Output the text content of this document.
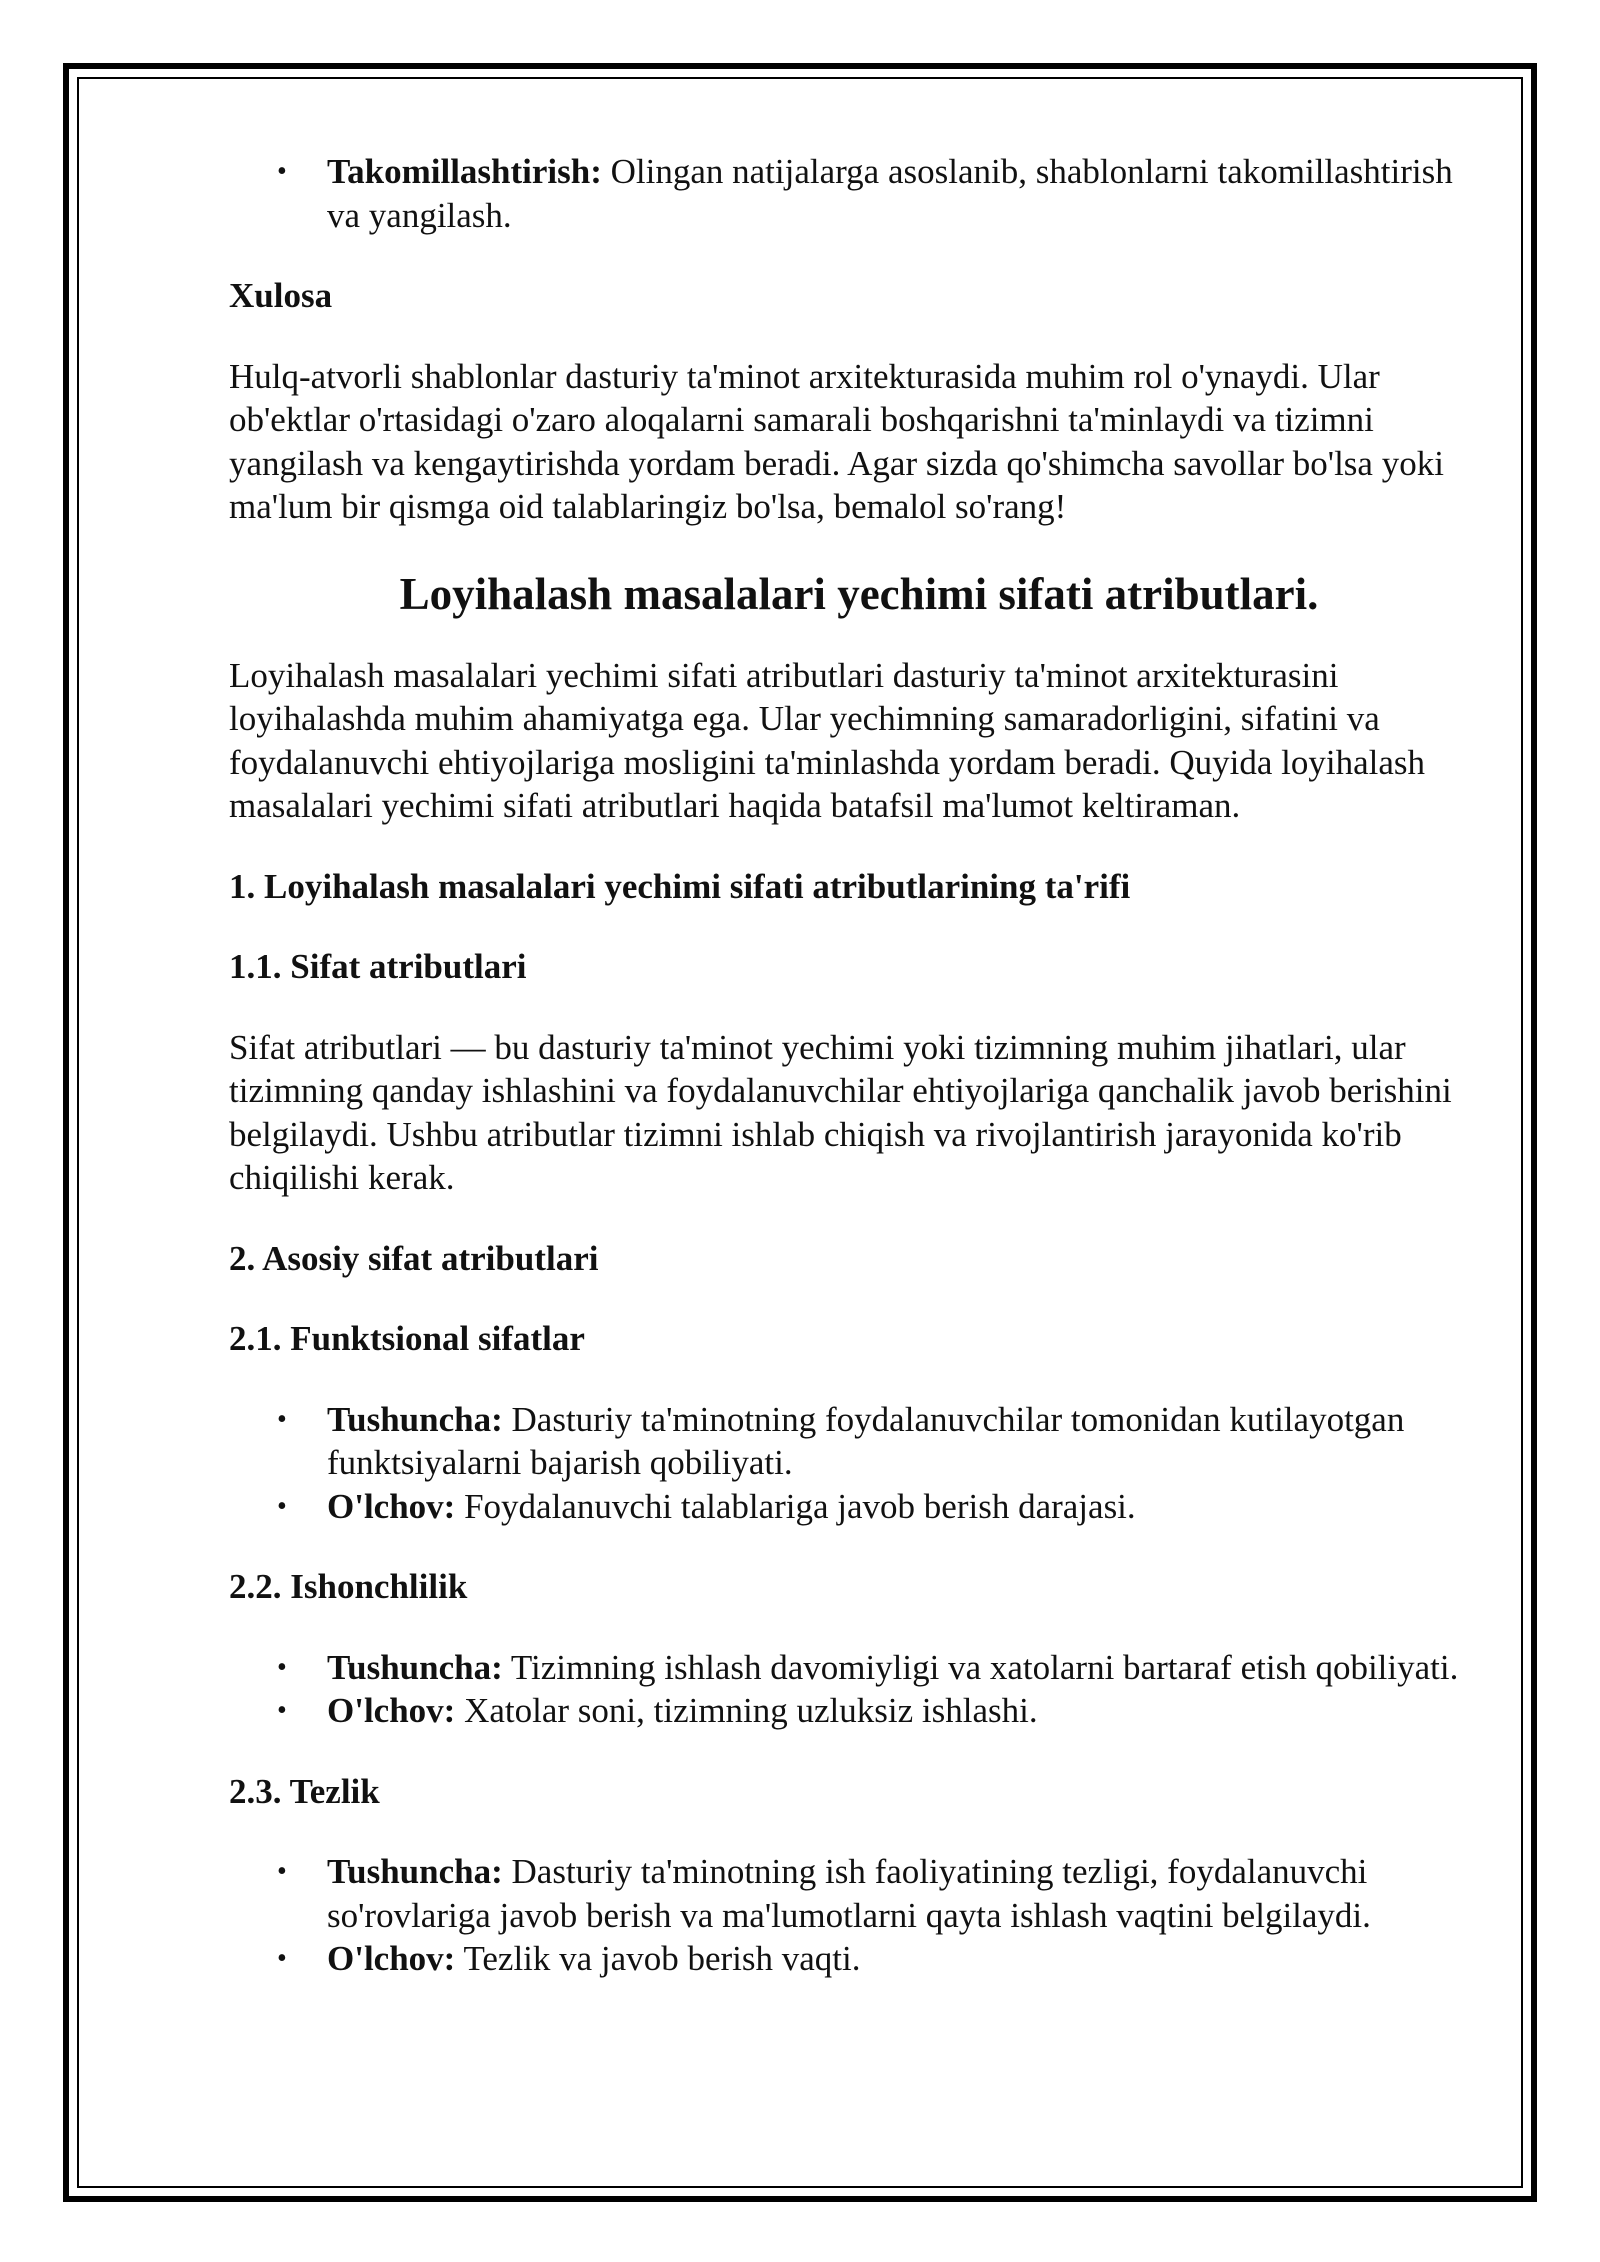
• Takomillashtirish: Olingan natijalarga asoslanib, shablonlarni takomillashtirish va yangilash.

Xulosa

Hulq-atvorli shablonlar dasturiy ta'minot arxitekturasida muhim rol o'ynaydi. Ular ob'ektlar o'rtasidagi o'zaro aloqalarni samarali boshqarishni ta'minlaydi va tizimni yangilash va kengaytirishda yordam beradi. Agar sizda qo'shimcha savollar bo'lsa yoki ma'lum bir qismga oid talablaringiz bo'lsa, bemalol so'rang!

Loyihalash masalalari yechimi sifati atributlari.

Loyihalash masalalari yechimi sifati atributlari dasturiy ta'minot arxitekturasini loyihalashda muhim ahamiyatga ega. Ular yechimning samaradorligini, sifatini va foydalanuvchi ehtiyojlariga mosligini ta'minlashda yordam beradi. Quyida loyihalash masalalari yechimi sifati atributlari haqida batafsil ma'lumot keltiraman.

1. Loyihalash masalalari yechimi sifati atributlarining ta'rifi

1.1. Sifat atributlari

Sifat atributlari — bu dasturiy ta'minot yechimi yoki tizimning muhim jihatlari, ular tizimning qanday ishlashini va foydalanuvchilar ehtiyojlariga qanchalik javob berishini belgilaydi. Ushbu atributlar tizimni ishlab chiqish va rivojlantirish jarayonida ko'rib chiqilishi kerak.

2. Asosiy sifat atributlari

2.1. Funktsional sifatlar

• Tushuncha: Dasturiy ta'minotning foydalanuvchilar tomonidan kutilayotgan funktsiyalarni bajarish qobiliyati.
• O'lchov: Foydalanuvchi talablariga javob berish darajasi.

2.2. Ishonchlilik

• Tushuncha: Tizimning ishlash davomiyligi va xatolarni bartaraf etish qobiliyati.
• O'lchov: Xatolar soni, tizimning uzluksiz ishlashi.

2.3. Tezlik

• Tushuncha: Dasturiy ta'minotning ish faoliyatining tezligi, foydalanuvchi so'rovlariga javob berish va ma'lumotlarni qayta ishlash vaqtini belgilaydi.
• O'lchov: Tezlik va javob berish vaqti.
